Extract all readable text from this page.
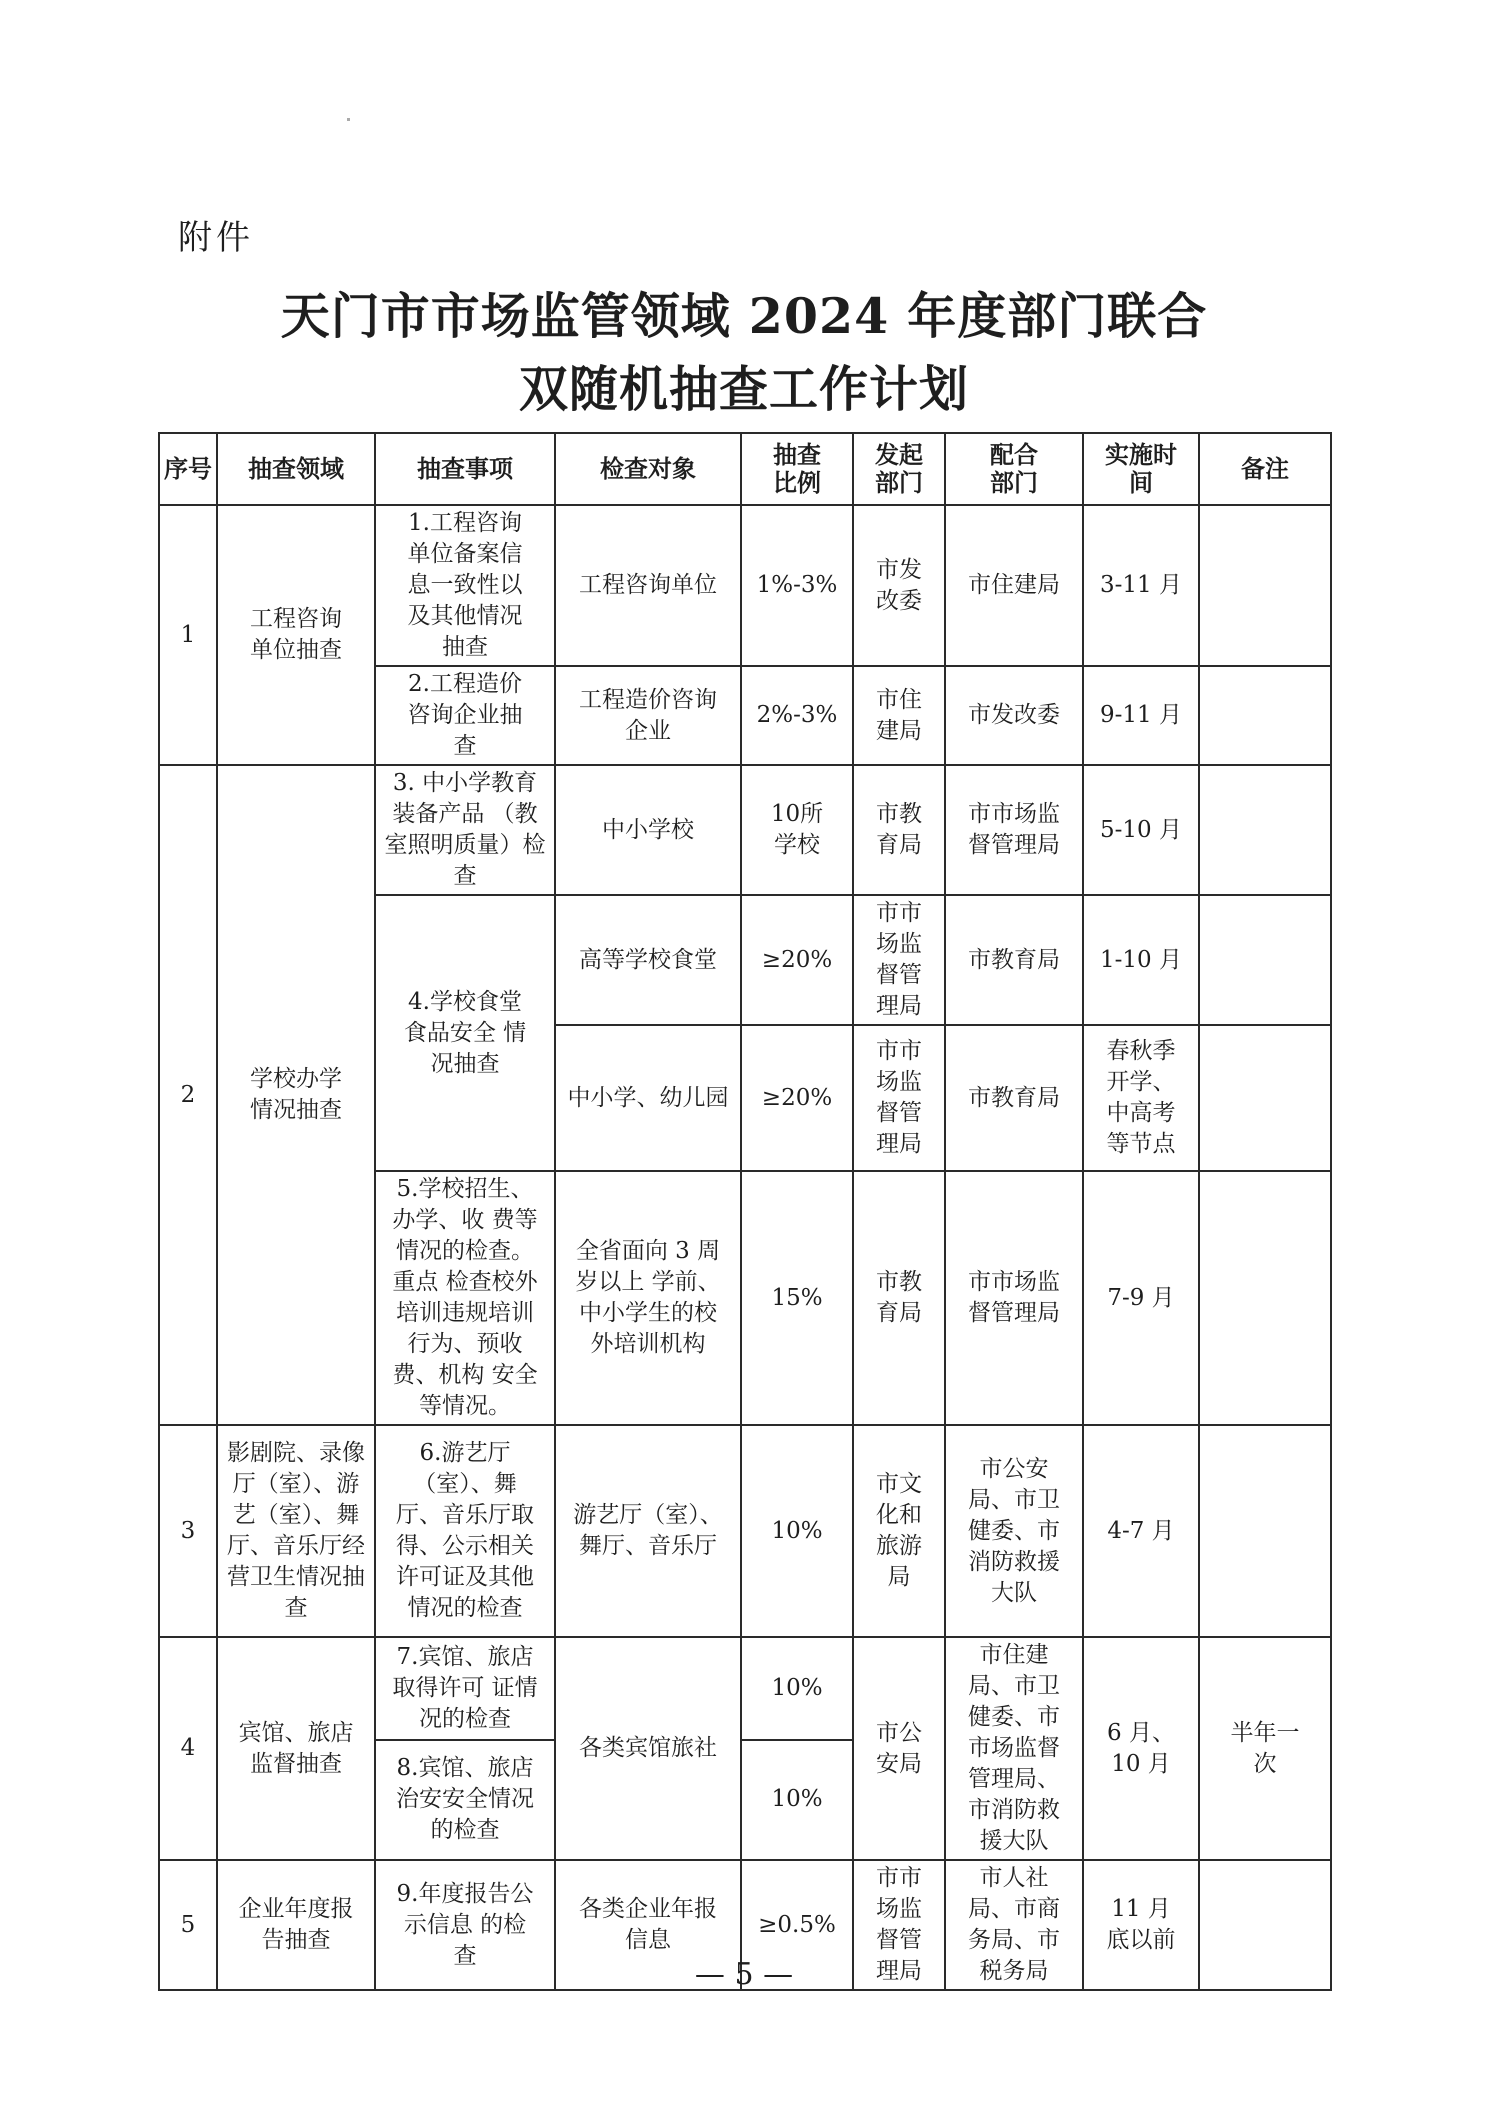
附件
天门市市场监管领域 2024 年度部门联合
双随机抽查工作计划
序号	抽查领域	抽查事项	检查对象	抽查比例	发起部门	配合部门	实施时间	备注
1	工程咨询单位抽查	1.工程咨询单位备案信息一致性以及其他情况抽查	工程咨询单位	1%-3%	市发改委	市住建局	3-11 月	
		2.工程造价咨询企业抽查	工程造价咨询企业	2%-3%	市住建局	市发改委	9-11 月	
2	学校办学情况抽查	3. 中小学教育装备产品 （教室照明质量）检查	中小学校	10所学校	市教育局	市市场监督管理局	5-10 月	
		4.学校食堂食品安全 情况抽查	高等学校食堂	≥20%	市市场监督管理局	市教育局	1-10 月	
			中小学、幼儿园	≥20%	市市场监督管理局	市教育局	春秋季开学、中高考等节点	
		5.学校招生、办学、收 费等情况的检查。重点 检查校外培训违规培训行为、预收费、机构 安全等情况。	全省面向 3 周岁以上 学前、中小学生的校外培训机构	15%	市教育局	市市场监督管理局	7-9 月	
3	影剧院、录像厅（室）、游艺（室）、舞厅、音乐厅经营卫生情况抽查	6.游艺厅（室）、舞厅、音乐厅取得、公示相关许可证及其他情况的检查	游艺厅（室）、舞厅、音乐厅	10%	市文化和旅游局	市公安局、市卫健委、市消防救援大队	4-7 月	
4	宾馆、旅店监督抽查	7.宾馆、旅店取得许可 证情况的检查	各类宾馆旅社	10%	市公安局	市住建局、市卫健委、市市场监督管理局、市消防救援大队	6 月、10 月	半年一次
		8.宾馆、旅店治安安全情况的检查		10%				
5	企业年度报告抽查	9.年度报告公示信息 的检查	各类企业年报信息	≥0.5%	市市场监督管理局	市人社局、市商务局、市税务局	11 月底以前	
— 5 —
